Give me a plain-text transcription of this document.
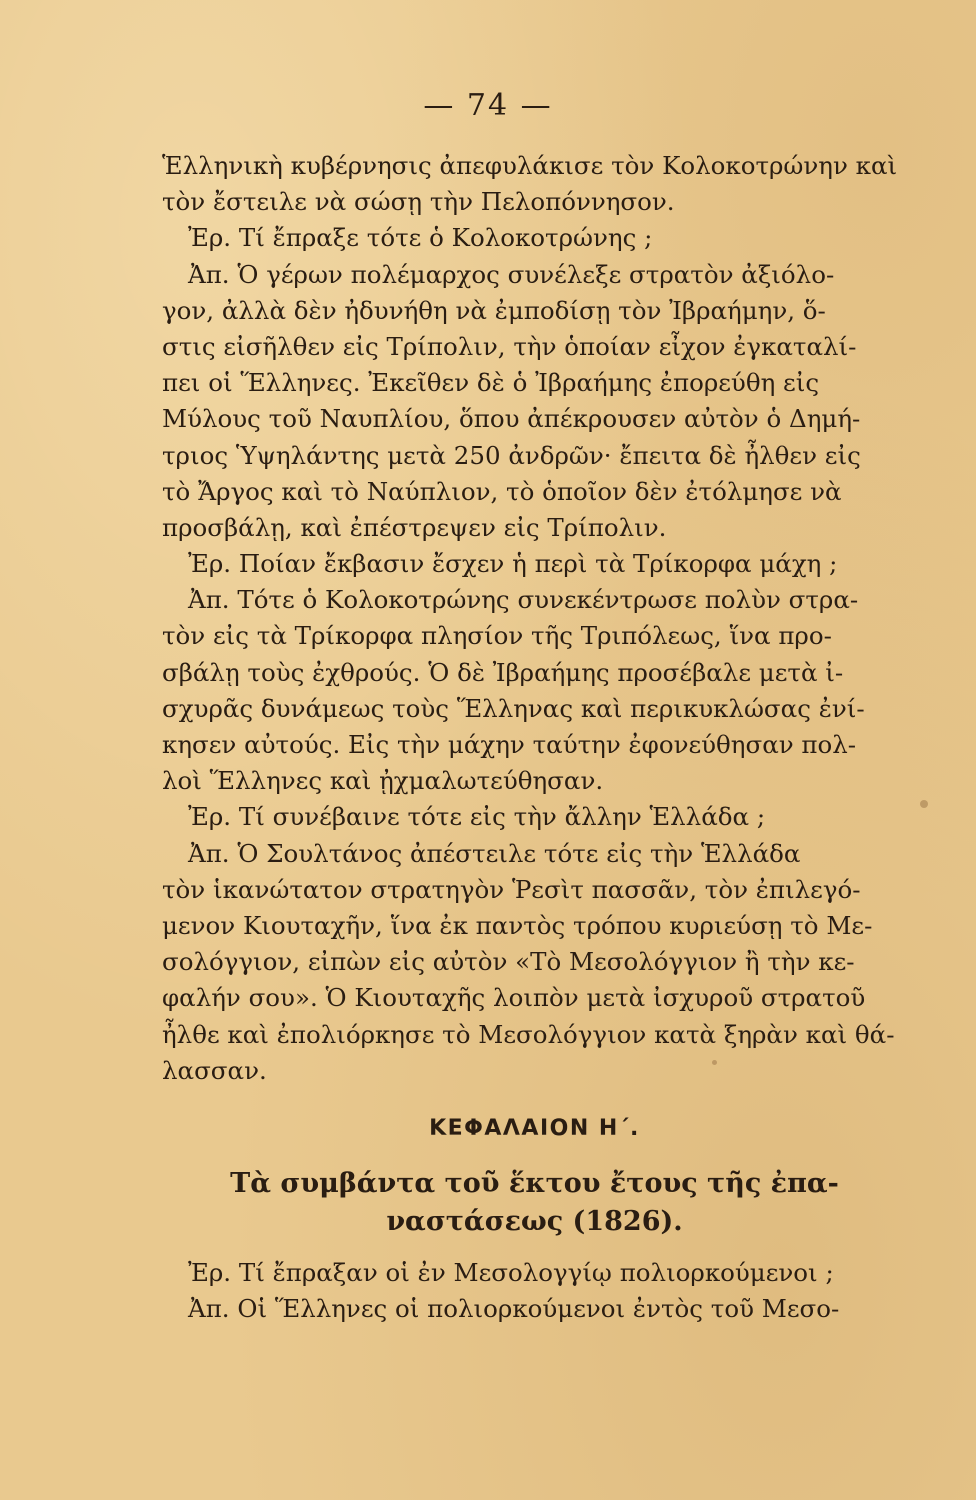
— 74 —
Ἑλληνικὴ κυβέρνησις ἀπεφυλάκισε τὸν Κολοκοτρώνην καὶ
τὸν ἔστειλε νὰ σώσῃ τὴν Πελοπόννησον.
Ἐρ. Τί ἔπραξε τότε ὁ Κολοκοτρώνης ;
Ἀπ. Ὁ γέρων πολέμαρχος συνέλεξε στρατὸν ἀξιόλο-
γον, ἀλλὰ δὲν ἠδυνήθη νὰ ἐμποδίσῃ τὸν Ἰβραήμην, ὅ-
στις εἰσῆλθεν εἰς Τρίπολιν, τὴν ὁποίαν εἶχον ἐγκαταλί-
πει οἱ Ἕλληνες. Ἐκεῖθεν δὲ ὁ Ἰβραήμης ἐπορεύθη εἰς
Μύλους τοῦ Ναυπλίου, ὅπου ἀπέκρουσεν αὐτὸν ὁ Δημή-
τριος Ὑψηλάντης μετὰ 250 ἀνδρῶν· ἔπειτα δὲ ἦλθεν εἰς
τὸ Ἄργος καὶ τὸ Ναύπλιον, τὸ ὁποῖον δὲν ἐτόλμησε νὰ
προσβάλῃ, καὶ ἐπέστρεψεν εἰς Τρίπολιν.
Ἐρ. Ποίαν ἔκβασιν ἔσχεν ἡ περὶ τὰ Τρίκορφα μάχη ;
Ἀπ. Τότε ὁ Κολοκοτρώνης συνεκέντρωσε πολὺν στρα-
τὸν εἰς τὰ Τρίκορφα πλησίον τῆς Τριπόλεως, ἵνα προ-
σβάλῃ τοὺς ἐχθρούς. Ὁ δὲ Ἰβραήμης προσέβαλε μετὰ ἰ-
σχυρᾶς δυνάμεως τοὺς Ἕλληνας καὶ περικυκλώσας ἐνί-
κησεν αὐτούς. Εἰς τὴν μάχην ταύτην ἐφονεύθησαν πολ-
λοὶ Ἕλληνες καὶ ᾐχμαλωτεύθησαν.
Ἐρ. Τί συνέβαινε τότε εἰς τὴν ἄλλην Ἑλλάδα ;
Ἀπ. Ὁ Σουλτάνος ἀπέστειλε τότε εἰς τὴν Ἑλλάδα
τὸν ἱκανώτατον στρατηγὸν Ῥεσὶτ πασσᾶν, τὸν ἐπιλεγό-
μενον Κιουταχῆν, ἵνα ἐκ παντὸς τρόπου κυριεύσῃ τὸ Με-
σολόγγιον, εἰπὼν εἰς αὐτὸν «Τὸ Μεσολόγγιον ἢ τὴν κε-
φαλήν σου». Ὁ Κιουταχῆς λοιπὸν μετὰ ἰσχυροῦ στρατοῦ
ἦλθε καὶ ἐπολιόρκησε τὸ Μεσολόγγιον κατὰ ξηρὰν καὶ θά-
λασσαν.
ΚΕΦΑΛΑΙΟΝ Η΄.
Τὰ συμβάντα τοῦ ἕκτου ἔτους τῆς ἐπα-
ναστάσεως (1826).
Ἐρ. Τί ἔπραξαν οἱ ἐν Μεσολογγίῳ πολιορκούμενοι ;
Ἀπ. Οἱ Ἕλληνες οἱ πολιορκούμενοι ἐντὸς τοῦ Μεσο-
